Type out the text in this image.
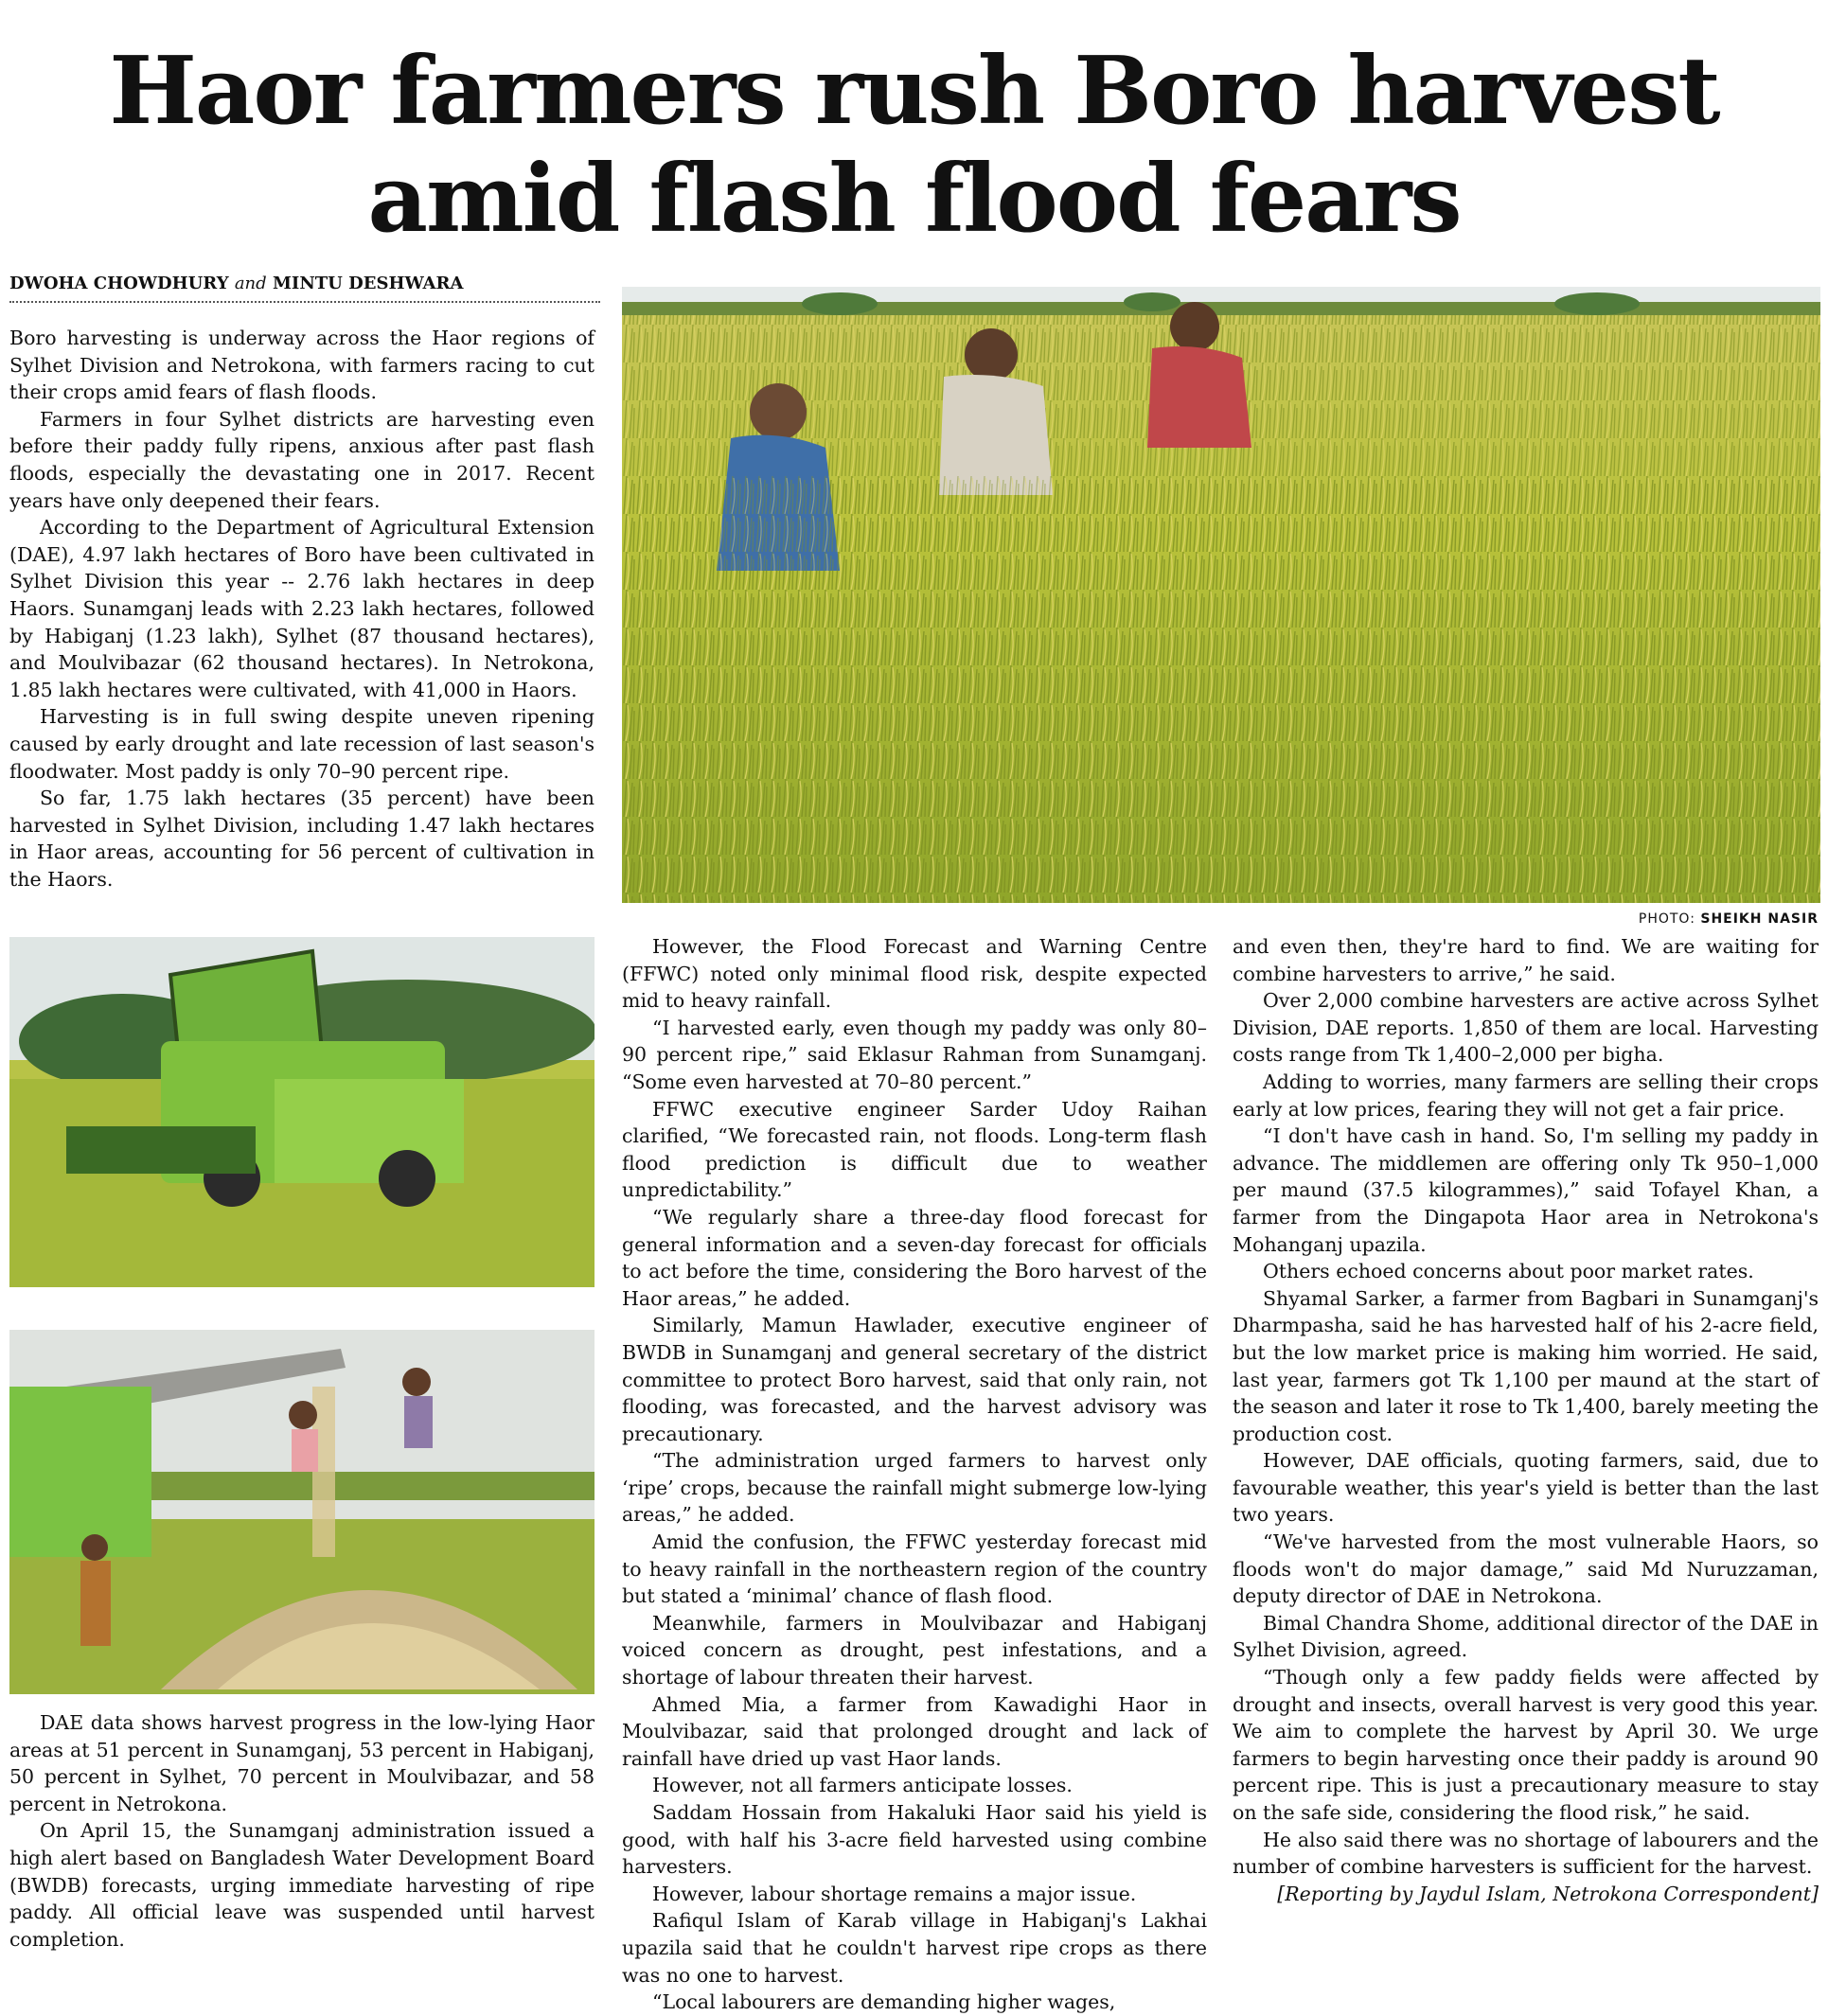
Haor farmers rush Boro harvest
amid flash flood fears
DWOHA CHOWDHURY and MINTU DESHWARA

Boro harvesting is underway across the Haor regions of Sylhet Division and Netrokona, with farmers racing to cut their crops amid fears of flash floods.

Farmers in four Sylhet districts are harvesting even before their paddy fully ripens, anxious after past flash floods, especially the devastating one in 2017. Recent years have only deepened their fears.

According to the Department of Agricultural Extension (DAE), 4.97 lakh hectares of Boro have been cultivated in Sylhet Division this year -- 2.76 lakh hectares in deep Haors. Sunamganj leads with 2.23 lakh hectares, followed by Habiganj (1.23 lakh), Sylhet (87 thousand hectares), and Moulvibazar (62 thousand hectares). In Netrokona, 1.85 lakh hectares were cultivated, with 41,000 in Haors.

Harvesting is in full swing despite uneven ripening caused by early drought and late recession of last season's floodwater. Most paddy is only 70–90 percent ripe.

So far, 1.75 lakh hectares (35 percent) have been harvested in Sylhet Division, including 1.47 lakh hectares in Haor areas, accounting for 56 percent of cultivation in the Haors.

PHOTO: SHEIKH NASIR

DAE data shows harvest progress in the low-lying Haor areas at 51 percent in Sunamganj, 53 percent in Habiganj, 50 percent in Sylhet, 70 percent in Moulvibazar, and 58 percent in Netrokona.

On April 15, the Sunamganj administration issued a high alert based on Bangladesh Water Development Board (BWDB) forecasts, urging immediate harvesting of ripe paddy. All official leave was suspended until harvest completion.

However, the Flood Forecast and Warning Centre (FFWC) noted only minimal flood risk, despite expected mid to heavy rainfall.

“I harvested early, even though my paddy was only 80–90 percent ripe,” said Eklasur Rahman from Sunamganj. “Some even harvested at 70–80 percent.”

FFWC executive engineer Sarder Udoy Raihan clarified, “We forecasted rain, not floods. Long-term flash flood prediction is difficult due to weather unpredictability.”

“We regularly share a three-day flood forecast for general information and a seven-day forecast for officials to act before the time, considering the Boro harvest of the Haor areas,” he added.

Similarly, Mamun Hawlader, executive engineer of BWDB in Sunamganj and general secretary of the district committee to protect Boro harvest, said that only rain, not flooding, was forecasted, and the harvest advisory was precautionary.

“The administration urged farmers to harvest only ‘ripe’ crops, because the rainfall might submerge low-lying areas,” he added.

Amid the confusion, the FFWC yesterday forecast mid to heavy rainfall in the northeastern region of the country but stated a ‘minimal’ chance of flash flood.

Meanwhile, farmers in Moulvibazar and Habiganj voiced concern as drought, pest infestations, and a shortage of labour threaten their harvest.

Ahmed Mia, a farmer from Kawadighi Haor in Moulvibazar, said that prolonged drought and lack of rainfall have dried up vast Haor lands.

However, not all farmers anticipate losses.

Saddam Hossain from Hakaluki Haor said his yield is good, with half his 3-acre field harvested using combine harvesters.

However, labour shortage remains a major issue.

Rafiqul Islam of Karab village in Habiganj's Lakhai upazila said that he couldn't harvest ripe crops as there was no one to harvest.

“Local labourers are demanding higher wages,

and even then, they're hard to find. We are waiting for combine harvesters to arrive,” he said.

Over 2,000 combine harvesters are active across Sylhet Division, DAE reports. 1,850 of them are local. Harvesting costs range from Tk 1,400–2,000 per bigha.

Adding to worries, many farmers are selling their crops early at low prices, fearing they will not get a fair price.

“I don't have cash in hand. So, I'm selling my paddy in advance. The middlemen are offering only Tk 950–1,000 per maund (37.5 kilogrammes),” said Tofayel Khan, a farmer from the Dingapota Haor area in Netrokona's Mohanganj upazila.

Others echoed concerns about poor market rates.

Shyamal Sarker, a farmer from Bagbari in Sunamganj's Dharmpasha, said he has harvested half of his 2-acre field, but the low market price is making him worried. He said, last year, farmers got Tk 1,100 per maund at the start of the season and later it rose to Tk 1,400, barely meeting the production cost.

However, DAE officials, quoting farmers, said, due to favourable weather, this year's yield is better than the last two years.

“We've harvested from the most vulnerable Haors, so floods won't do major damage,” said Md Nuruzzaman, deputy director of DAE in Netrokona.

Bimal Chandra Shome, additional director of the DAE in Sylhet Division, agreed.

“Though only a few paddy fields were affected by drought and insects, overall harvest is very good this year. We aim to complete the harvest by April 30. We urge farmers to begin harvesting once their paddy is around 90 percent ripe. This is just a precautionary measure to stay on the safe side, considering the flood risk,” he said.

He also said there was no shortage of labourers and the number of combine harvesters is sufficient for the harvest.

[Reporting by Jaydul Islam, Netrokona Correspondent]
